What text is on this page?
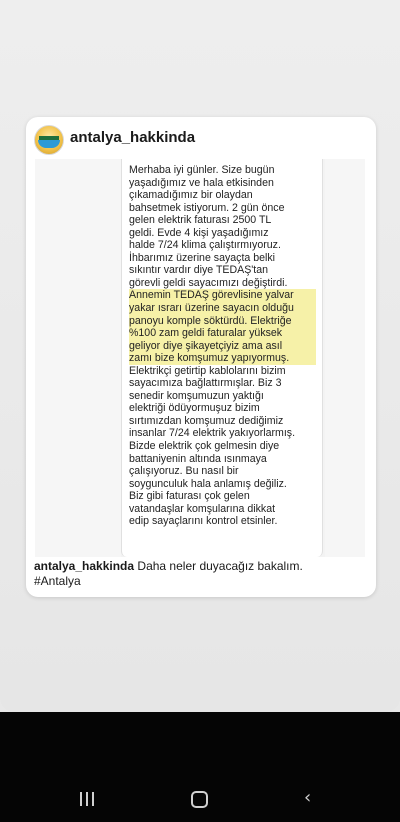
antalya_hakkinda
Merhaba iyi günler. Size bugün
yaşadığımız ve hala etkisinden
çıkamadığımız bir olaydan
bahsetmek istiyorum. 2 gün önce
gelen elektrik faturası 2500 TL
geldi. Evde 4 kişi yaşadığımız
halde 7/24 klima çalıştırmıyoruz.
İhbarımız üzerine sayaçta belki
sıkıntır vardır diye TEDAŞ'tan
görevli geldi sayacımızı değiştirdi.
Annemin TEDAŞ görevlisine yalvar
yakar ısrarı üzerine sayacın olduğu
panoyu komple söktürdü. Elektriğe
%100 zam geldi faturalar yüksek
geliyor diye şikayetçiyiz ama asıl
zamı bize komşumuz yapıyormuş.
Elektrikçi getirtip kablolarını bizim
sayacımıza bağlattırmışlar. Biz 3
senedir komşumuzun yaktığı
elektriği ödüyormuşuz bizim
sırtımızdan komşumuz dediğimiz
insanlar 7/24 elektrik yakıyorlarmış.
Bizde elektrik çok gelmesin diye
battaniyenin altında ısınmaya
çalışıyoruz. Bu nasıl bir
soygunculuk hala anlamış değiliz.
Biz gibi faturası çok gelen
vatandaşlar komşularına dikkat
edip sayaçlarını kontrol etsinler.
antalya_hakkinda Daha neler duyacağız bakalım.
#Antalya
‹
